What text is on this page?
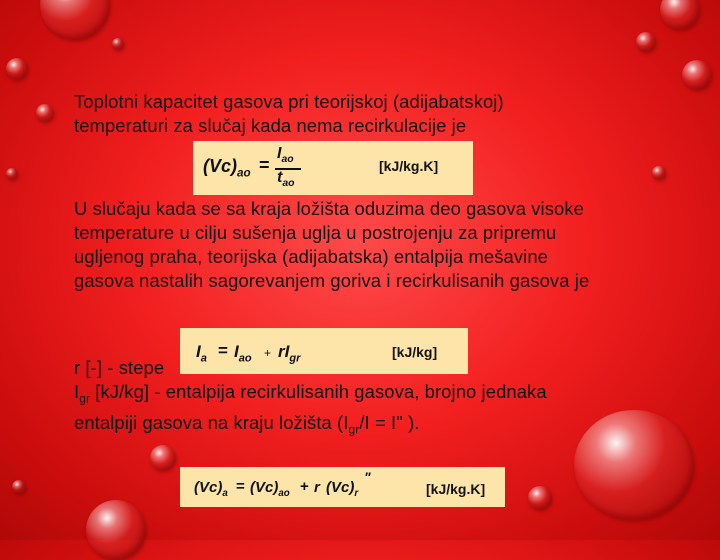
Toplotni kapacitet gasova pri teorijskoj (adijabatskoj)
temperaturi za slučaj kada nema recirkulacije je
$(Vc)_{ao}$ =
$I_{ao}$
$t_{ao}$
[kJ/kg.K]
U slučaju kada se sa kraja ložišta oduzima deo gasova visoke
temperature u cilju sušenja uglja u postrojenju za pripremu
ugljenog praha, teorijska (adijabatska) entalpija mešavine
gasova nastalih sagorevanjem goriva i recirkulisanih gasova je
r [-] - stepe
$I_{gr}$ [kJ/kg] - entalpija recirkulisanih gasova, brojno jednaka
entalpiji gasova na kraju ložišta ($I_{gr}/I = I$" ).
$I_a = I_{ao} + rI_{gr}$	[kJ/kg]
$(Vc)_a = (Vc)_{ao} + r$ $(Vc)_r$
"
[kJ/kg.K]
